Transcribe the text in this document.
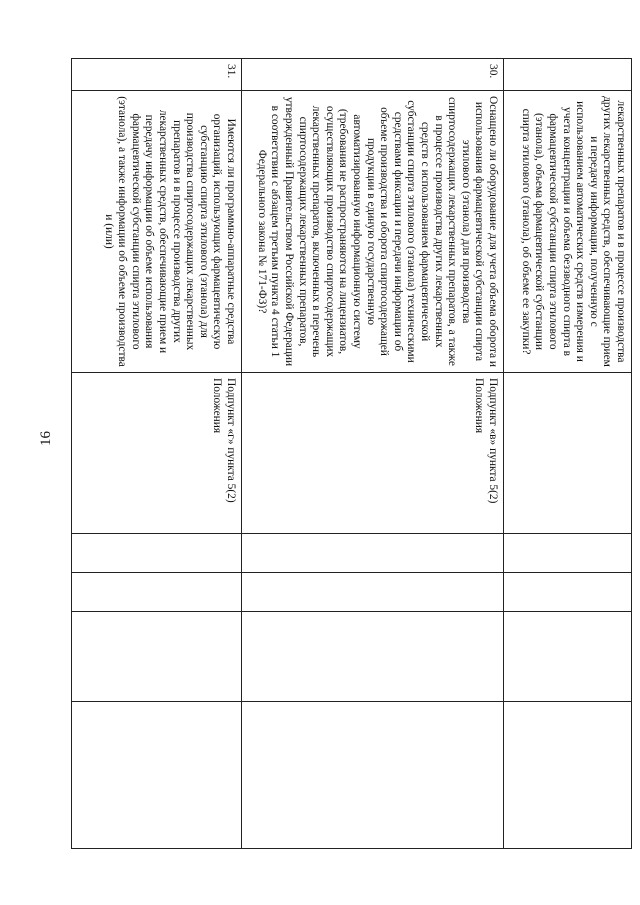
16
	лекарственных препаратов и в процессе производства других лекарственных средств, обеспечивающие прием и передачу информации, полученную с использованием автоматических средств измерения и учета концентрации и объема беззводного спирта в фармацевтической субстанции спирта этилового (этанола), объема фармацевтической субстанции спирта этилового (этанола), об объеме ее закупки?					
30.	Оснащено ли оборудование для учета объема оборота и использования фармацевтической субстанции спирта этилового (этанола) для производства спиртосодержащих лекарственных препаратов, а также в процессе производства других лекарственных средств с использованием фармацевтической субстанции спирта этилового (этанола) техническими средствами фиксации и передачи информации об объеме производства и оборота спиртосодержащей продукции в единую государственную автоматизированную информационную систему (требования не распространяются на лицензиатов, осуществляющих производство спиртосодержащих лекарственных препаратов, включенных в перечень спиртосодержащих лекарственных препаратов, утвержденный Правительством Российской Федерации в соответствии с абзацем третьим пункта 4 статьи 1 Федерального закона № 171-ФЗ)?	Подпункт «в» пункта 5(2) Положения				
31.	Имеются ли программно-аппаратные средства организаций, использующих фармацевтическую субстанцию спирта этилового (этанола) для производства спиртосодержащих лекарственных препаратов и в процессе производства других лекарственных средств, обеспечивающие прием и передачу информации об объеме использования фармацевтической субстанции спирта этилового (этанола), а также информации об объеме производства и (или)	Подпункт «г» пункта 5(2) Положения				
